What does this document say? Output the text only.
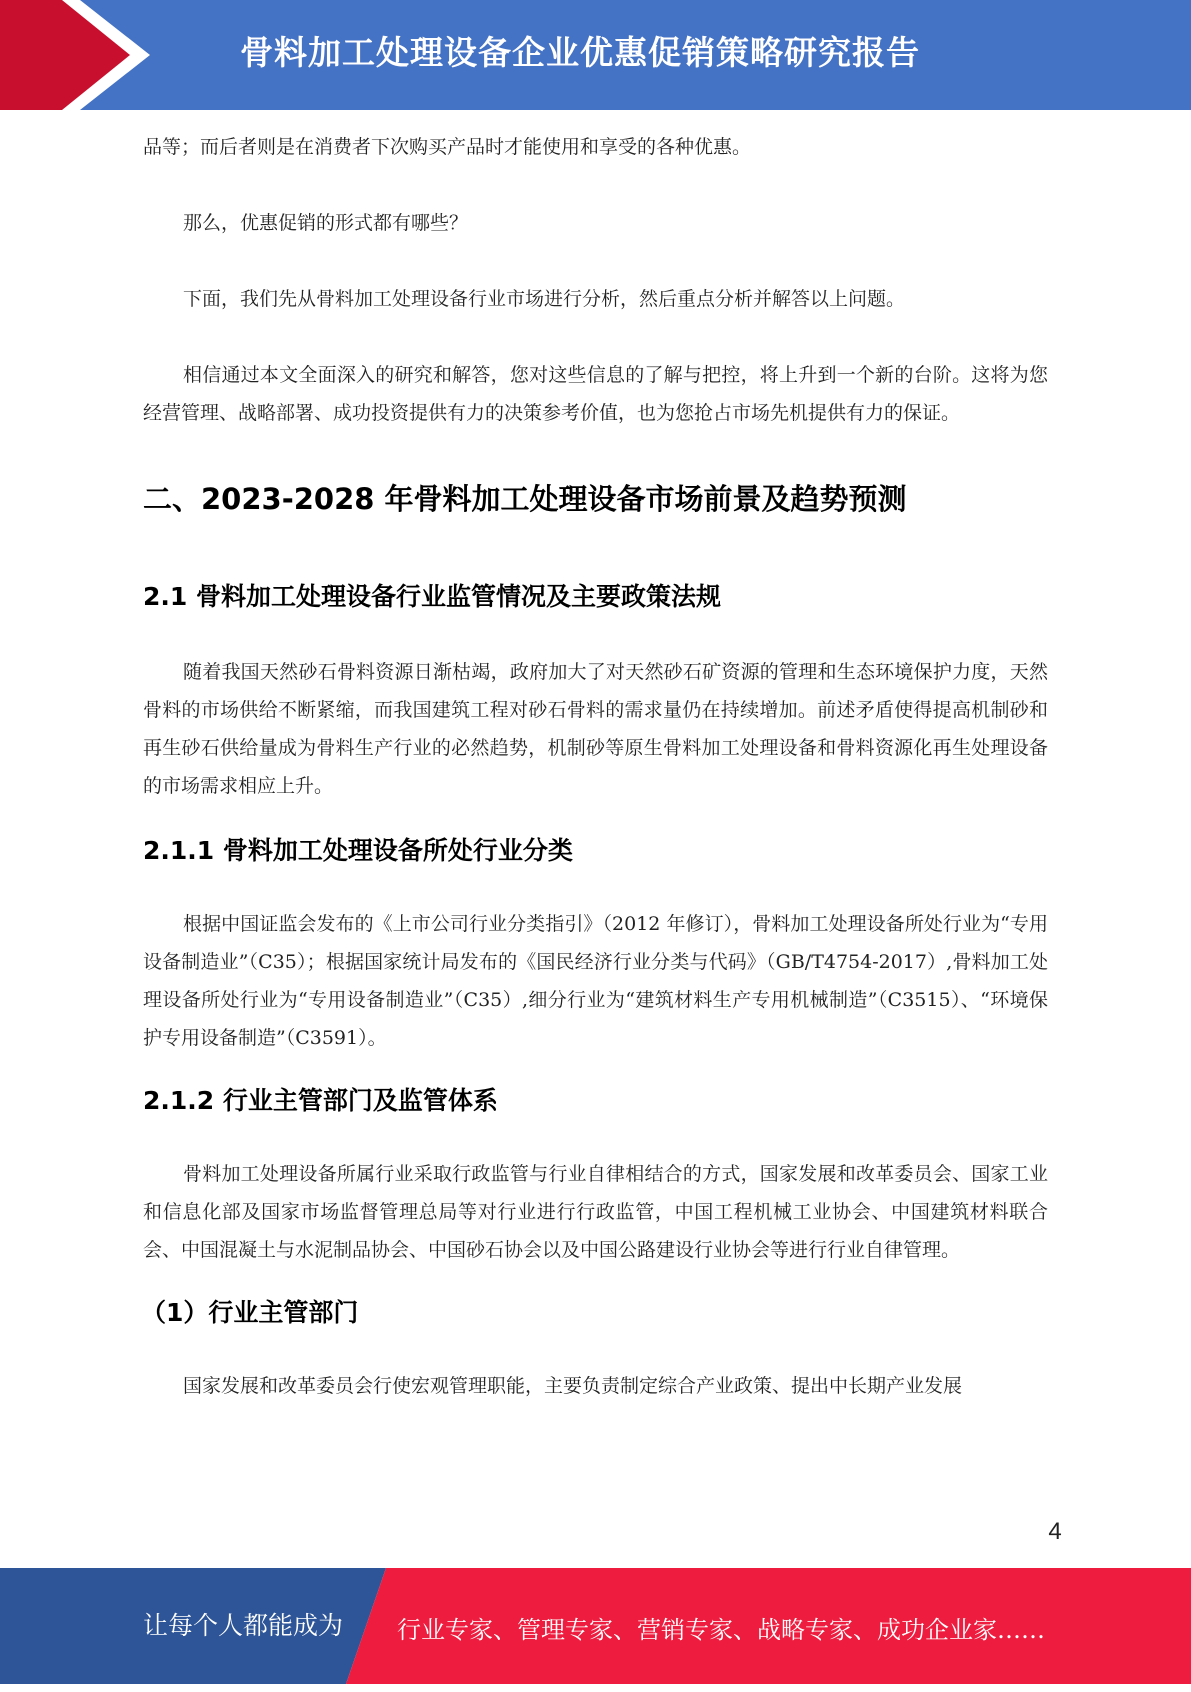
骨料加工处理设备企业优惠促销策略研究报告

品等；而后者则是在消费者下次购买产品时才能使用和享受的各种优惠。

那么，优惠促销的形式都有哪些？

下面，我们先从骨料加工处理设备行业市场进行分析，然后重点分析并解答以上问题。

相信通过本文全面深入的研究和解答，您对这些信息的了解与把控，将上升到一个新的台阶。这将为您经营管理、战略部署、成功投资提供有力的决策参考价值，也为您抢占市场先机提供有力的保证。

二、2023-2028 年骨料加工处理设备市场前景及趋势预测
2.1 骨料加工处理设备行业监管情况及主要政策法规

随着我国天然砂石骨料资源日渐枯竭，政府加大了对天然砂石矿资源的管理和生态环境保护力度，天然骨料的市场供给不断紧缩，而我国建筑工程对砂石骨料的需求量仍在持续增加。前述矛盾使得提高机制砂和再生砂石供给量成为骨料生产行业的必然趋势，机制砂等原生骨料加工处理设备和骨料资源化再生处理设备的市场需求相应上升。

2.1.1 骨料加工处理设备所处行业分类

根据中国证监会发布的《上市公司行业分类指引》（2012 年修订），骨料加工处理设备所处行业为“专用设备制造业”（C35）；根据国家统计局发布的《国民经济行业分类与代码》（GB/T4754-2017）,骨料加工处理设备所处行业为“专用设备制造业”（C35）,细分行业为“建筑材料生产专用机械制造”（C3515）、“环境保护专用设备制造”（C3591）。

2.1.2 行业主管部门及监管体系

骨料加工处理设备所属行业采取行政监管与行业自律相结合的方式，国家发展和改革委员会、国家工业和信息化部及国家市场监督管理总局等对行业进行行政监管，中国工程机械工业协会、中国建筑材料联合会、中国混凝土与水泥制品协会、中国砂石协会以及中国公路建设行业协会等进行行业自律管理。

（1）行业主管部门

国家发展和改革委员会行使宏观管理职能，主要负责制定综合产业政策、提出中长期产业发展

4
让每个人都能成为 行业专家、管理专家、营销专家、战略专家、成功企业家……
